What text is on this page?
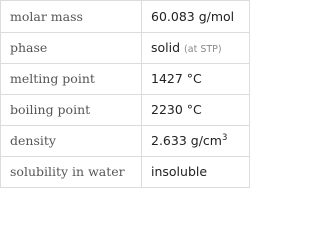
molar mass	60.083 g/mol
phase	solid (at STP)
melting point	1427 °C
boiling point	2230 °C
density	2.633 $g/cm^3$
solubility in water	insoluble
